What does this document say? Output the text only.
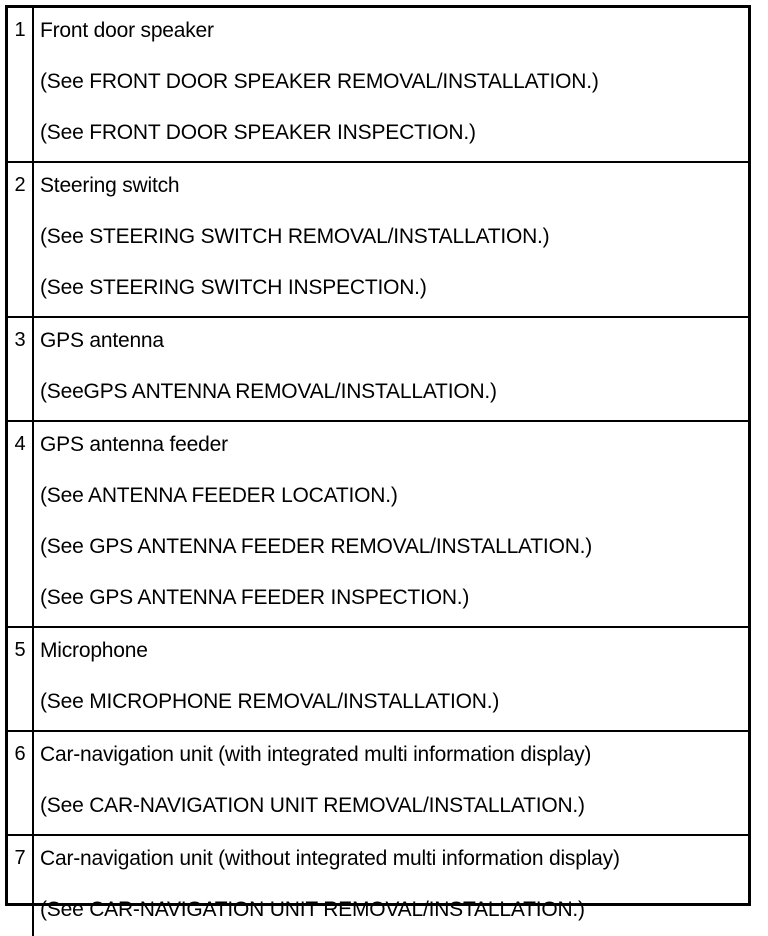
1	Front door speaker
(See FRONT DOOR SPEAKER REMOVAL/INSTALLATION.)
(See FRONT DOOR SPEAKER INSPECTION.)

2	Steering switch
(See STEERING SWITCH REMOVAL/INSTALLATION.)
(See STEERING SWITCH INSPECTION.)

3	GPS antenna
(SeeGPS ANTENNA REMOVAL/INSTALLATION.)

4	GPS antenna feeder
(See ANTENNA FEEDER LOCATION.)
(See GPS ANTENNA FEEDER REMOVAL/INSTALLATION.)
(See GPS ANTENNA FEEDER INSPECTION.)

5	Microphone
(See MICROPHONE REMOVAL/INSTALLATION.)

6	Car-navigation unit (with integrated multi information display)
(See CAR-NAVIGATION UNIT REMOVAL/INSTALLATION.)

7	Car-navigation unit (without integrated multi information display)
(See CAR-NAVIGATION UNIT REMOVAL/INSTALLATION.)
